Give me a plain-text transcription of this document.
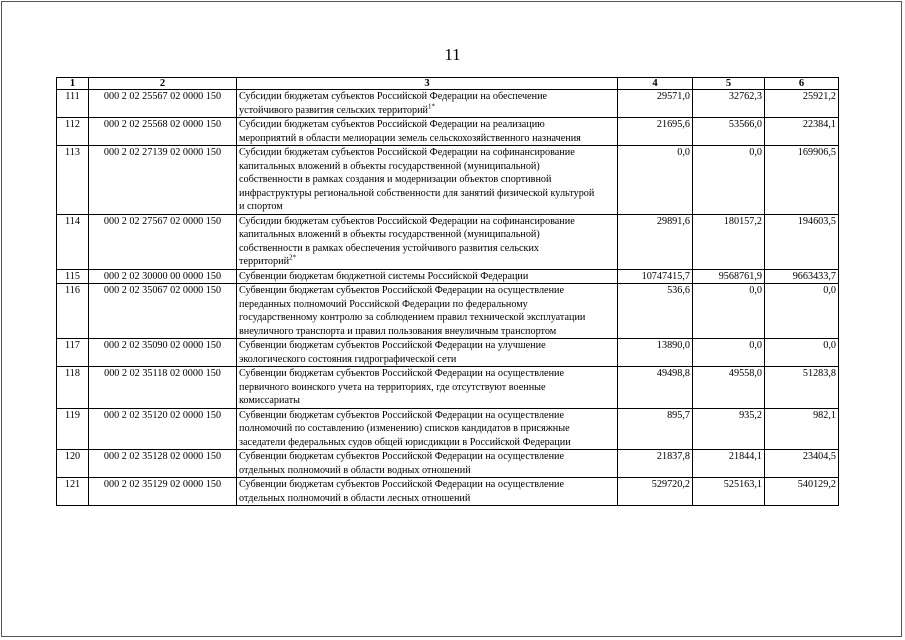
11
1	2	3	4	5	6
111	000 2 02 25567 02 0000 150	Субсидии бюджетам субъектов Российской Федерации на обеспечение
устойчивого развития сельских территорий$^{1*}$	29571,0	32762,3	25921,2
112	000 2 02 25568 02 0000 150	Субсидии бюджетам субъектов Российской Федерации на реализацию
мероприятий в области мелиорации земель сельскохозяйственного назначения	21695,6	53566,0	22384,1
113	000 2 02 27139 02 0000 150	Субсидии бюджетам субъектов Российской Федерации на софинансирование
капитальных вложений в объекты государственной (муниципальной)
собственности в рамках создания и модернизации объектов спортивной
инфраструктуры региональной собственности для занятий физической культурой
и спортом	0,0	0,0	169906,5
114	000 2 02 27567 02 0000 150	Субсидии бюджетам субъектов Российской Федерации на софинансирование
капитальных вложений в объекты государственной (муниципальной)
собственности в рамках обеспечения устойчивого развития сельских
территорий$^{2*}$	29891,6	180157,2	194603,5
115	000 2 02 30000 00 0000 150	Субвенции бюджетам бюджетной системы Российской Федерации	10747415,7	9568761,9	9663433,7
116	000 2 02 35067 02 0000 150	Субвенции бюджетам субъектов Российской Федерации на осуществление
переданных полномочий Российской Федерации по федеральному
государственному контролю за соблюдением правил технической эксплуатации
внеуличного транспорта и правил пользования внеуличным транспортом	536,6	0,0	0,0
117	000 2 02 35090 02 0000 150	Субвенции бюджетам субъектов Российской Федерации на улучшение
экологического состояния гидрографической сети	13890,0	0,0	0,0
118	000 2 02 35118 02 0000 150	Субвенции бюджетам субъектов Российской Федерации на осуществление
первичного воинского учета на территориях, где отсутствуют военные
комиссариаты	49498,8	49558,0	51283,8
119	000 2 02 35120 02 0000 150	Субвенции бюджетам субъектов Российской Федерации на осуществление
полномочий по составлению (изменению) списков кандидатов в присяжные
заседатели федеральных судов общей юрисдикции в Российской Федерации	895,7	935,2	982,1
120	000 2 02 35128 02 0000 150	Субвенции бюджетам субъектов Российской Федерации на осуществление
отдельных полномочий в области водных отношений	21837,8	21844,1	23404,5
121	000 2 02 35129 02 0000 150	Субвенции бюджетам субъектов Российской Федерации на осуществление
отдельных полномочий в области лесных отношений	529720,2	525163,1	540129,2
